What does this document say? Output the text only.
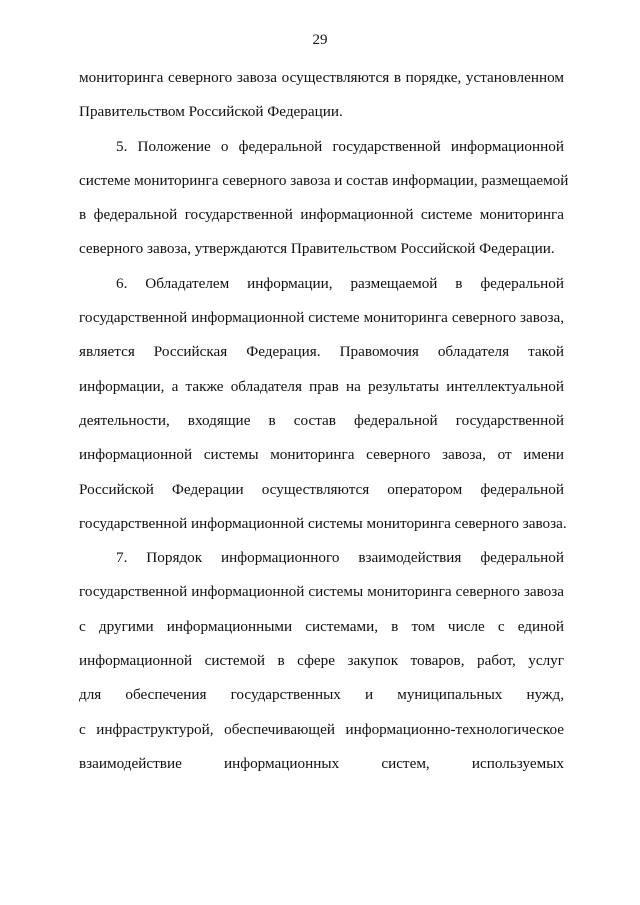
29
мониторинга северного завоза осуществляются в порядке, установленном
Правительством Российской Федерации.
5. Положение о федеральной государственной информационной
системе мониторинга северного завоза и состав информации, размещаемой
в федеральной государственной информационной системе мониторинга
северного завоза, утверждаются Правительством Российской Федерации.
6. Обладателем информации, размещаемой в федеральной
государственной информационной системе мониторинга северного завоза,
является Российская Федерация. Правомочия обладателя такой
информации, а также обладателя прав на результаты интеллектуальной
деятельности, входящие в состав федеральной государственной
информационной системы мониторинга северного завоза, от имени
Российской Федерации осуществляются оператором федеральной
государственной информационной системы мониторинга северного завоза.
7. Порядок информационного взаимодействия федеральной
государственной информационной системы мониторинга северного завоза
с другими информационными системами, в том числе с единой
информационной системой в сфере закупок товаров, работ, услуг
для обеспечения государственных и муниципальных нужд,
с инфраструктурой, обеспечивающей информационно-технологическое
взаимодействие информационных систем, используемых
